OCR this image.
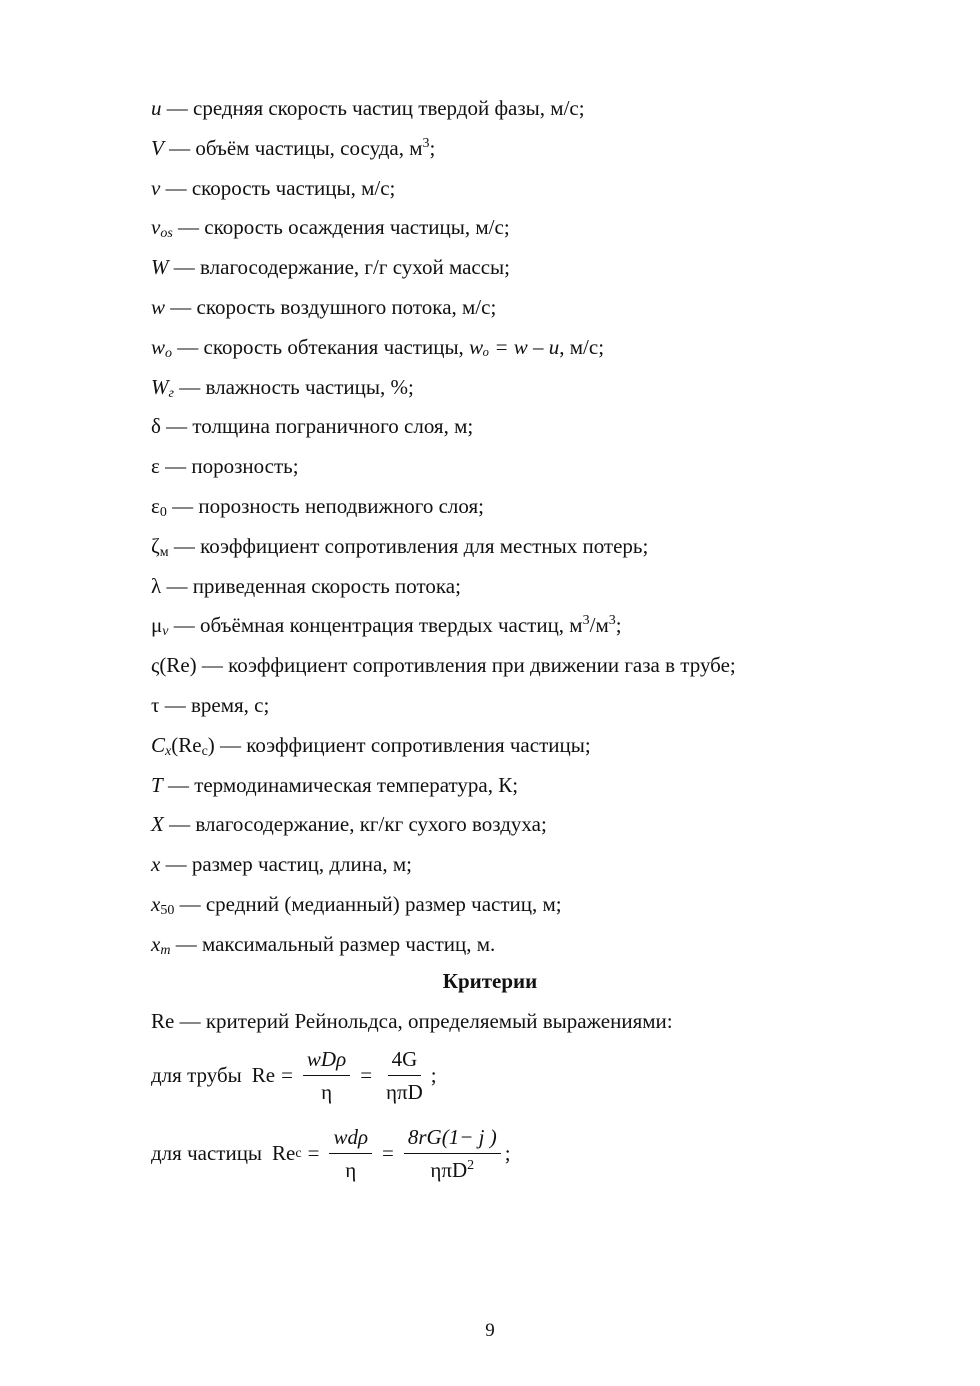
u — средняя скорость частиц твердой фазы, м/с;
V — объём частицы, сосуда, $м^3$;
v — скорость частицы, м/с;
$v_{os}$ — скорость осаждения частицы, м/с;
W — влагосодержание, г/г сухой массы;
w — скорость воздушного потока, м/с;
$w_o$ — скорость обтекания частицы, wₒ = w – u, м/с;
$W_г$ — влажность частицы, %;
δ — толщина пограничного слоя, м;
ε — порозность;
$\varepsilon_0$ — порозность неподвижного слоя;
$\zeta_м$ — коэффициент сопротивления для местных потерь;
λ — приведенная скорость потока;
$\mu_v$ — объёмная концентрация твердых частиц, $м^3/м^3$;
ς(Re) — коэффициент сопротивления при движении газа в трубе;
τ — время, с;
$C_x(Re_c)$ — коэффициент сопротивления частицы;
T — термодинамическая температура, К;
X — влагосодержание, кг/кг сухого воздуха;
x — размер частиц, длина, м;
$x_{50}$ — средний (медианный) размер частиц, м;
$x_m$ — максимальный размер частиц, м.
Критерии
Re — критерий Рейнольдса, определяемый выражениями:
для трубы $Re = \frac{\text{wDρ}}{\eta} = \frac{4G}{\text{ηπD}}$ ;
для частицы Re $c = \frac{\text{wdρ}}{\eta} = \frac{8rG(1- j )}{\eta\pi D^2}$ ;
9
